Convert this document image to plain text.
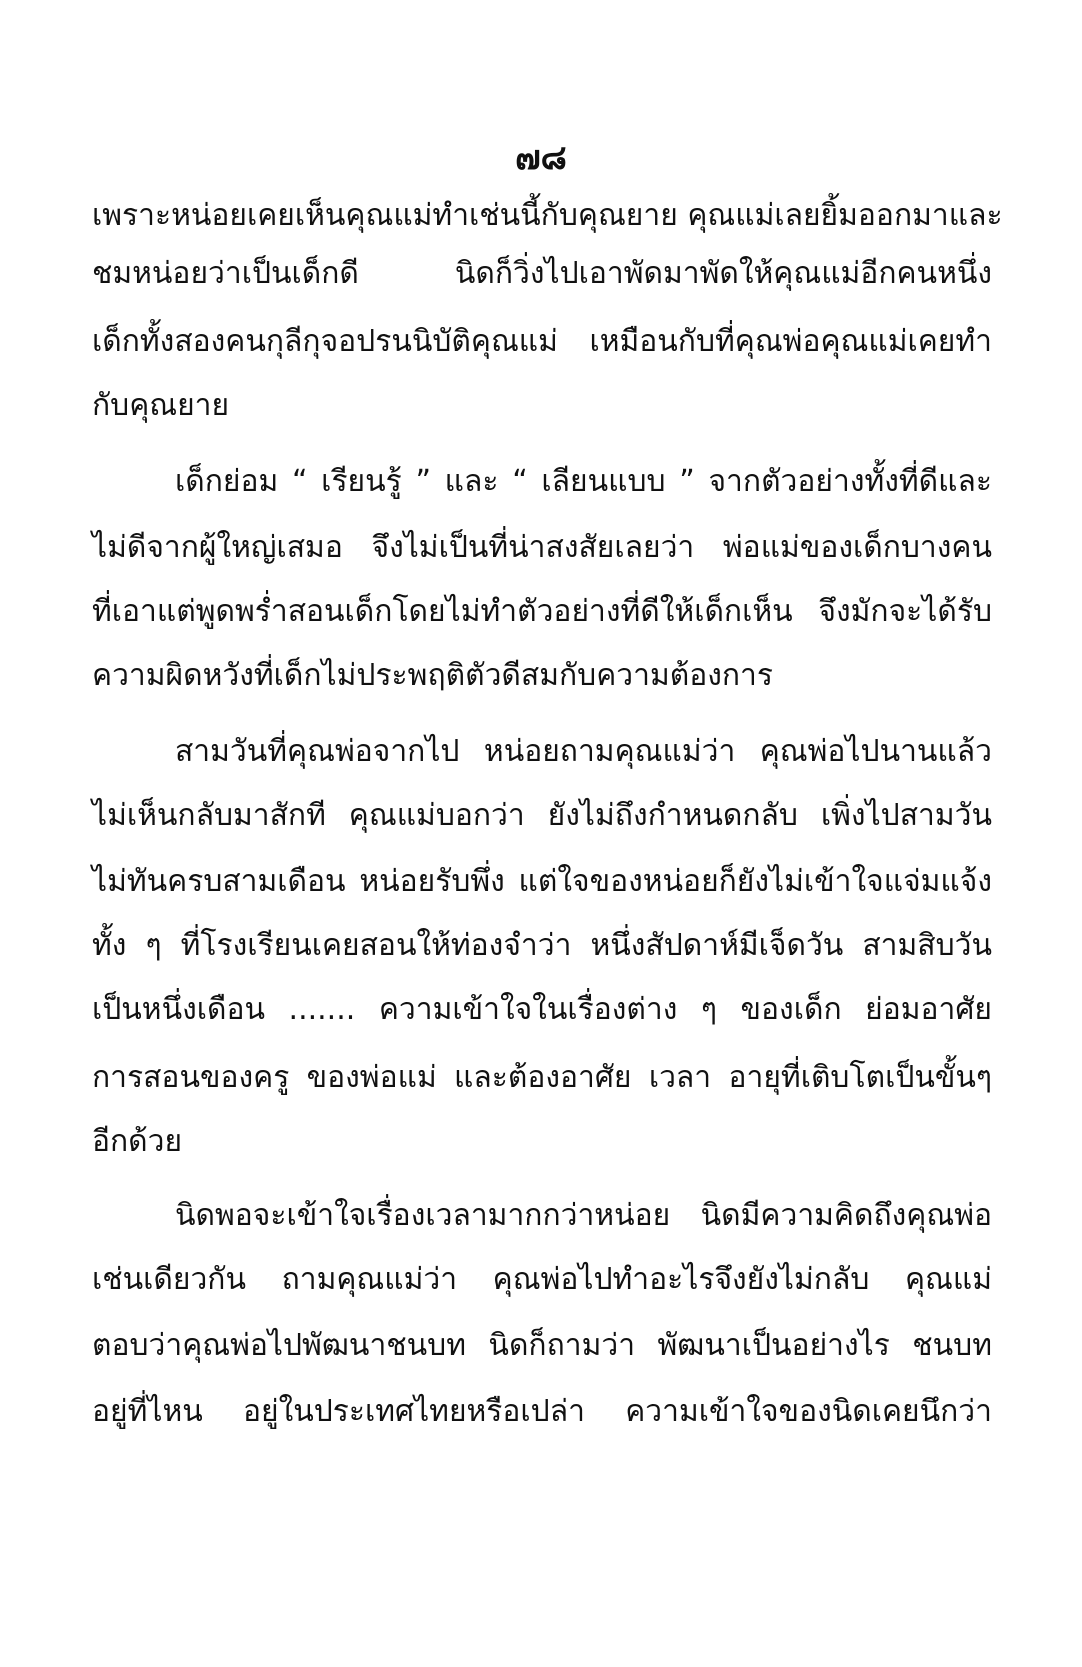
๗๘
เพราะหน่อยเคยเห็นคุณแม่ทำเช่นนี้กับคุณยาย คุณแม่เลยยิ้มออกมาและ
ชมหน่อยว่าเป็นเด็กดี นิดก็วิ่งไปเอาพัดมาพัดให้คุณแม่อีกคนหนึ่ง
เด็กทั้งสองคนกุลีกุจอปรนนิบัติคุณแม่ เหมือนกับที่คุณพ่อคุณแม่เคยทำ
กับคุณยาย
เด็กย่อม “ เรียนรู้ ” และ “ เลียนแบบ ” จากตัวอย่างทั้งที่ดีและ
ไม่ดีจากผู้ใหญ่เสมอ จึงไม่เป็นที่น่าสงสัยเลยว่า พ่อแม่ของเด็กบางคน
ที่เอาแต่พูดพร่ำสอนเด็กโดยไม่ทำตัวอย่างที่ดีให้เด็กเห็น จึงมักจะได้รับ
ความผิดหวังที่เด็กไม่ประพฤติตัวดีสมกับความต้องการ
สามวันที่คุณพ่อจากไป หน่อยถามคุณแม่ว่า คุณพ่อไปนานแล้ว
ไม่เห็นกลับมาสักที คุณแม่บอกว่า ยังไม่ถึงกำหนดกลับ เพิ่งไปสามวัน
ไม่ทันครบสามเดือน หน่อยรับพึ่ง แต่ใจของหน่อยก็ยังไม่เข้าใจแจ่มแจ้ง
ทั้ง ๆ ที่โรงเรียนเคยสอนให้ท่องจำว่า หนึ่งสัปดาห์มีเจ็ดวัน สามสิบวัน
เป็นหนึ่งเดือน ....... ความเข้าใจในเรื่องต่าง ๆ ของเด็ก ย่อมอาศัย
การสอนของครู ของพ่อแม่ และต้องอาศัย เวลา อายุที่เติบโตเป็นขั้นๆ
อีกด้วย
นิดพอจะเข้าใจเรื่องเวลามากกว่าหน่อย นิดมีความคิดถึงคุณพ่อ
เช่นเดียวกัน ถามคุณแม่ว่า คุณพ่อไปทำอะไรจึงยังไม่กลับ คุณแม่
ตอบว่าคุณพ่อไปพัฒนาชนบท นิดก็ถามว่า พัฒนาเป็นอย่างไร ชนบท
อยู่ที่ไหน อยู่ในประเทศไทยหรือเปล่า ความเข้าใจของนิดเคยนึกว่า
